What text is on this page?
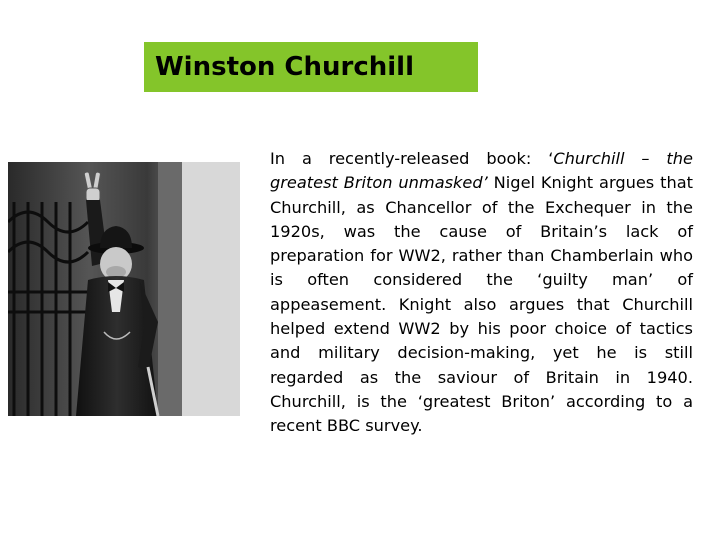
Winston Churchill

In a recently-released book: ‘Churchill – the greatest Briton unmasked’ Nigel Knight argues that Churchill, as Chancellor of the Exchequer in the 1920s, was the cause of Britain’s lack of preparation for WW2, rather than Chamberlain who is often considered the ‘guilty man’ of appeasement. Knight also argues that Churchill helped extend WW2 by his poor choice of tactics and military decision-making, yet he is still regarded as the saviour of Britain in 1940. Churchill, is the ‘greatest Briton’ according to a recent BBC survey.
